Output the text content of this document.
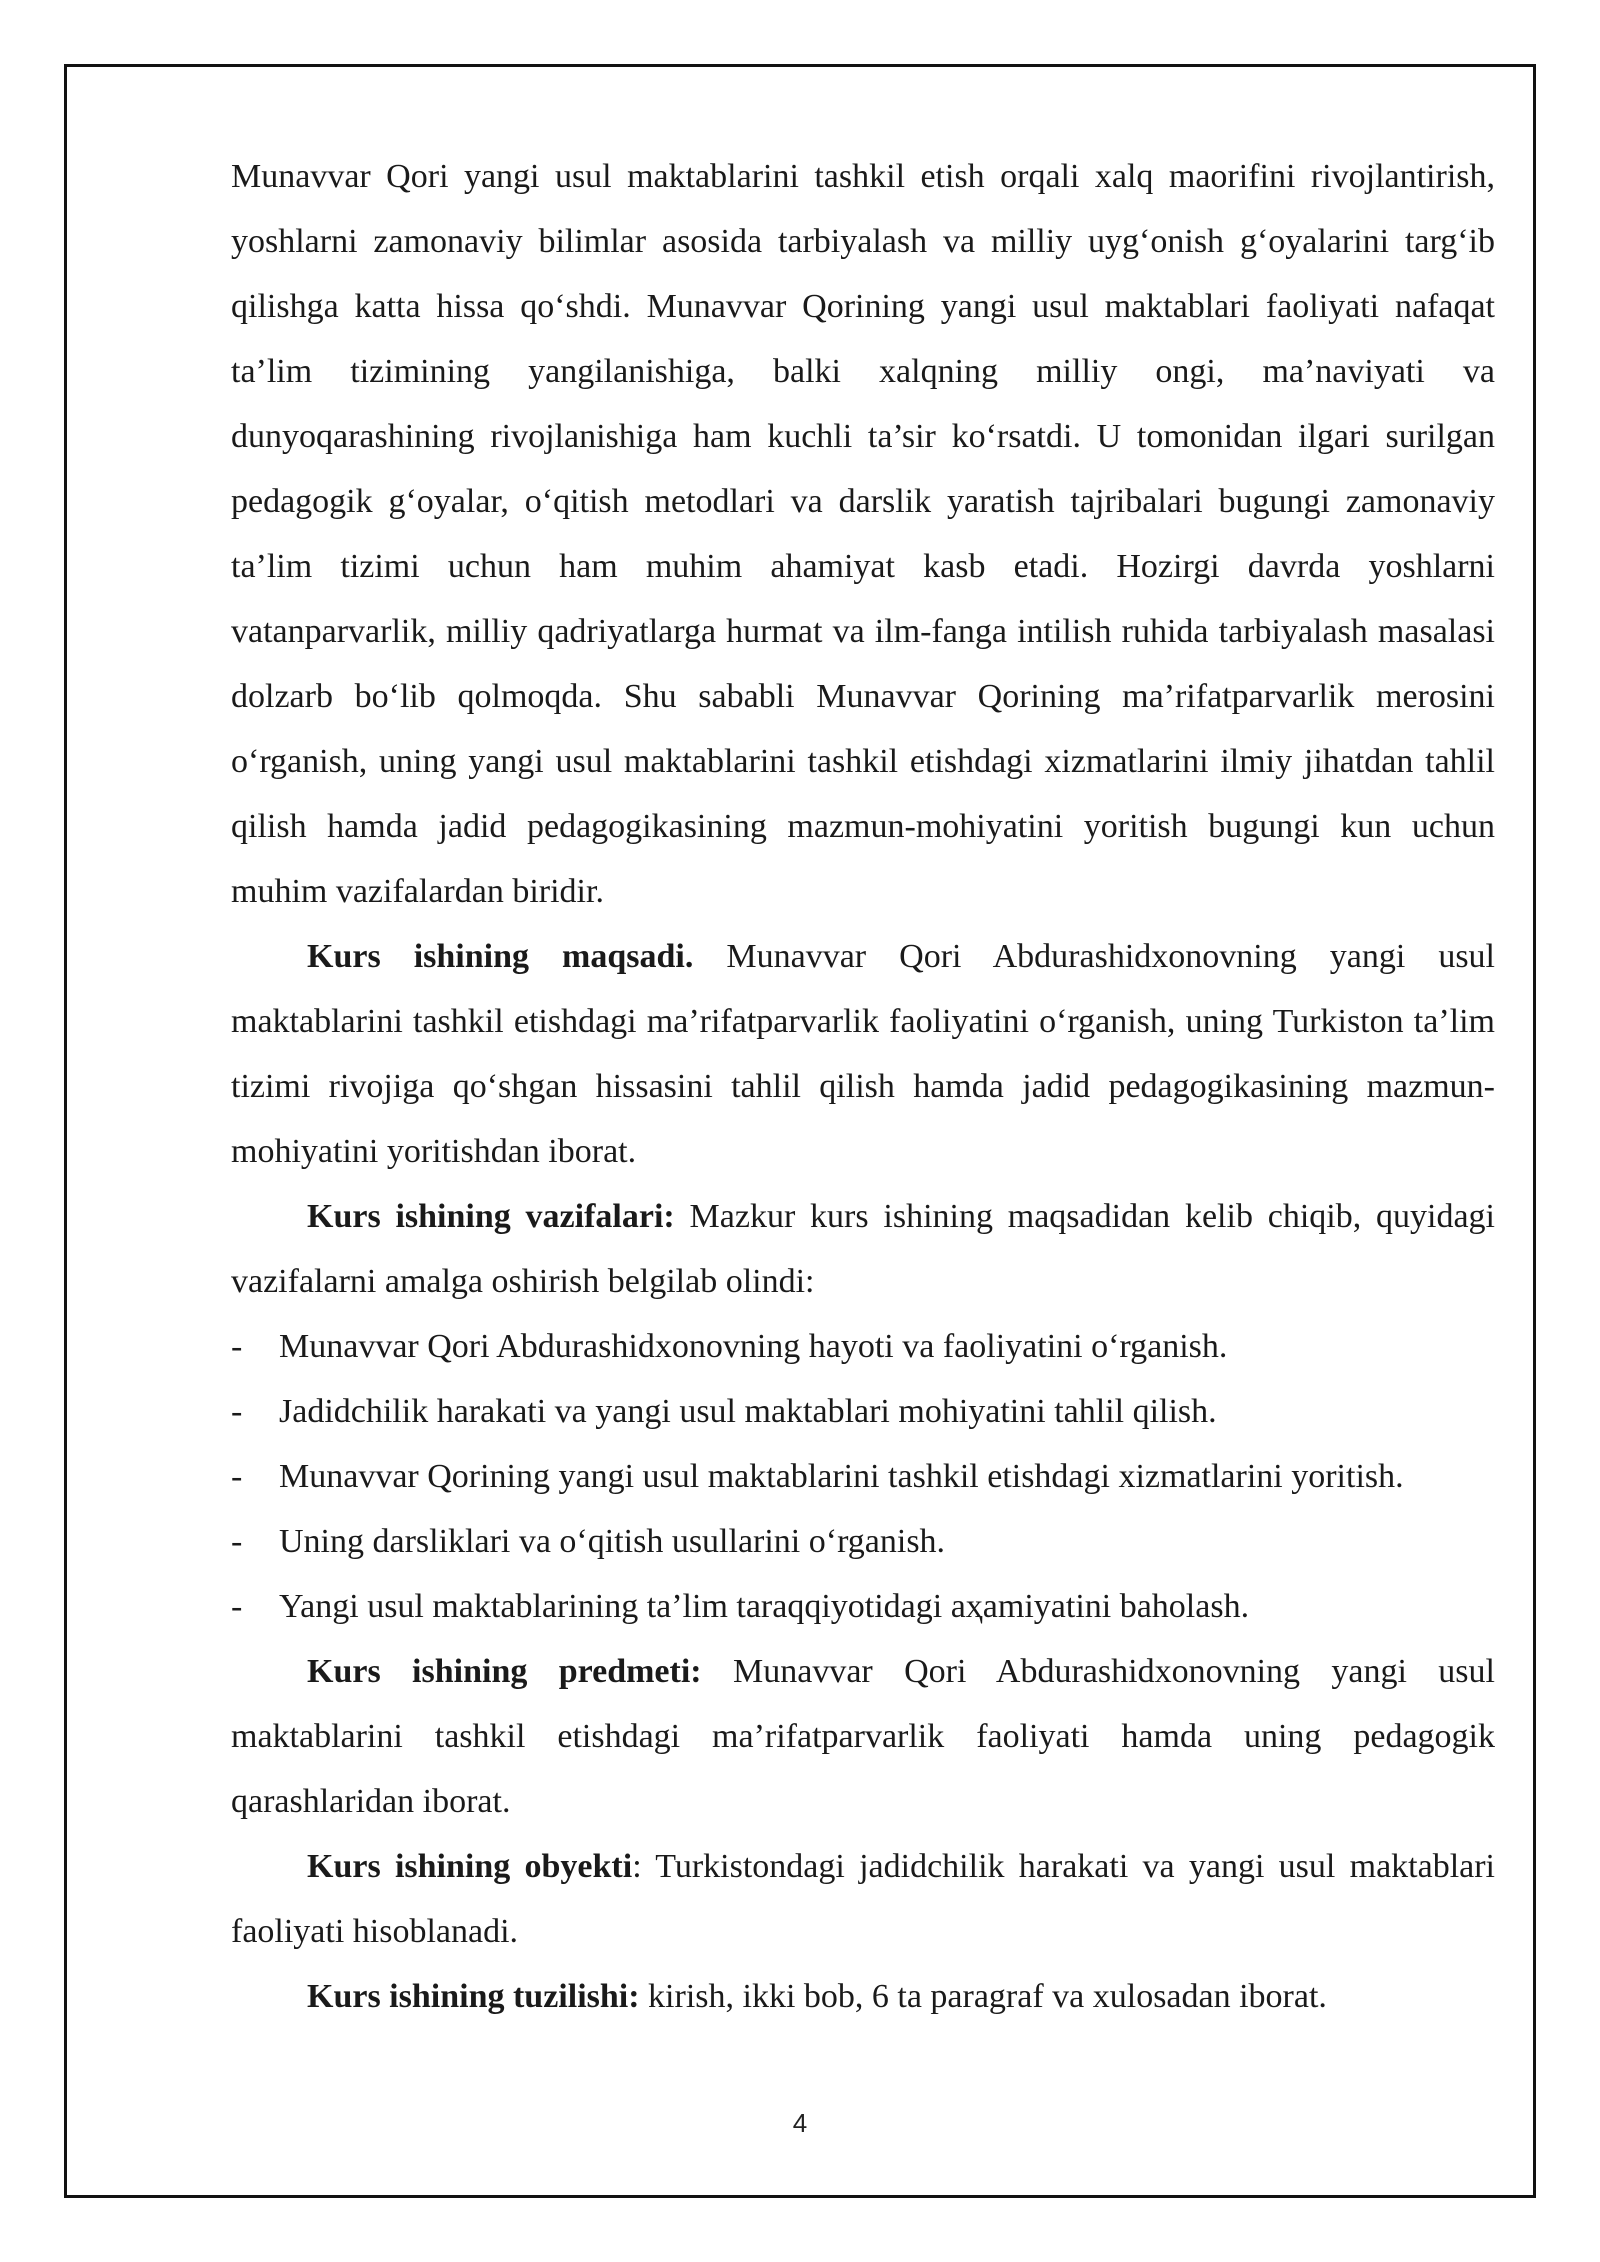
Munavvar Qori yangi usul maktablarini tashkil etish orqali xalq maorifini rivojlantirish, yoshlarni zamonaviy bilimlar asosida tarbiyalash va milliy uyg‘onish g‘oyalarini targ‘ib qilishga katta hissa qo‘shdi. Munavvar Qorining yangi usul maktablari faoliyati nafaqat ta’lim tizimining yangilanishiga, balki xalqning milliy ongi, ma’naviyati va dunyoqarashining rivojlanishiga ham kuchli ta’sir ko‘rsatdi. U tomonidan ilgari surilgan pedagogik g‘oyalar, o‘qitish metodlari va darslik yaratish tajribalari bugungi zamonaviy ta’lim tizimi uchun ham muhim ahamiyat kasb etadi. Hozirgi davrda yoshlarni vatanparvarlik, milliy qadriyatlarga hurmat va ilm-fanga intilish ruhida tarbiyalash masalasi dolzarb bo‘lib qolmoqda. Shu sababli Munavvar Qorining ma’rifatparvarlik merosini o‘rganish, uning yangi usul maktablarini tashkil etishdagi xizmatlarini ilmiy jihatdan tahlil qilish hamda jadid pedagogikasining mazmun-mohiyatini yoritish bugungi kun uchun muhim vazifalardan biridir.

Kurs ishining maqsadi. Munavvar Qori Abdurashidxonovning yangi usul maktablarini tashkil etishdagi ma’rifatparvarlik faoliyatini o‘rganish, uning Turkiston ta’lim tizimi rivojiga qo‘shgan hissasini tahlil qilish hamda jadid pedagogikasining mazmun-mohiyatini yoritishdan iborat.

Kurs ishining vazifalari: Mazkur kurs ishining maqsadidan kelib chiqib, quyidagi vazifalarni amalga oshirish belgilab olindi:

- Munavvar Qori Abdurashidxonovning hayoti va faoliyatini o‘rganish.
- Jadidchilik harakati va yangi usul maktablari mohiyatini tahlil qilish.
- Munavvar Qorining yangi usul maktablarini tashkil etishdagi xizmatlarini yoritish.
- Uning darsliklari va o‘qitish usullarini o‘rganish.
- Yangi usul maktablarining ta’lim taraqqiyotidagi aҳamiyatini baholash.

Kurs ishining predmeti: Munavvar Qori Abdurashidxonovning yangi usul maktablarini tashkil etishdagi ma’rifatparvarlik faoliyati hamda uning pedagogik qarashlaridan iborat.

Kurs ishining obyekti: Turkistondagi jadidchilik harakati va yangi usul maktablari faoliyati hisoblanadi.

Kurs ishining tuzilishi: kirish, ikki bob, 6 ta paragraf va xulosadan iborat.

4
